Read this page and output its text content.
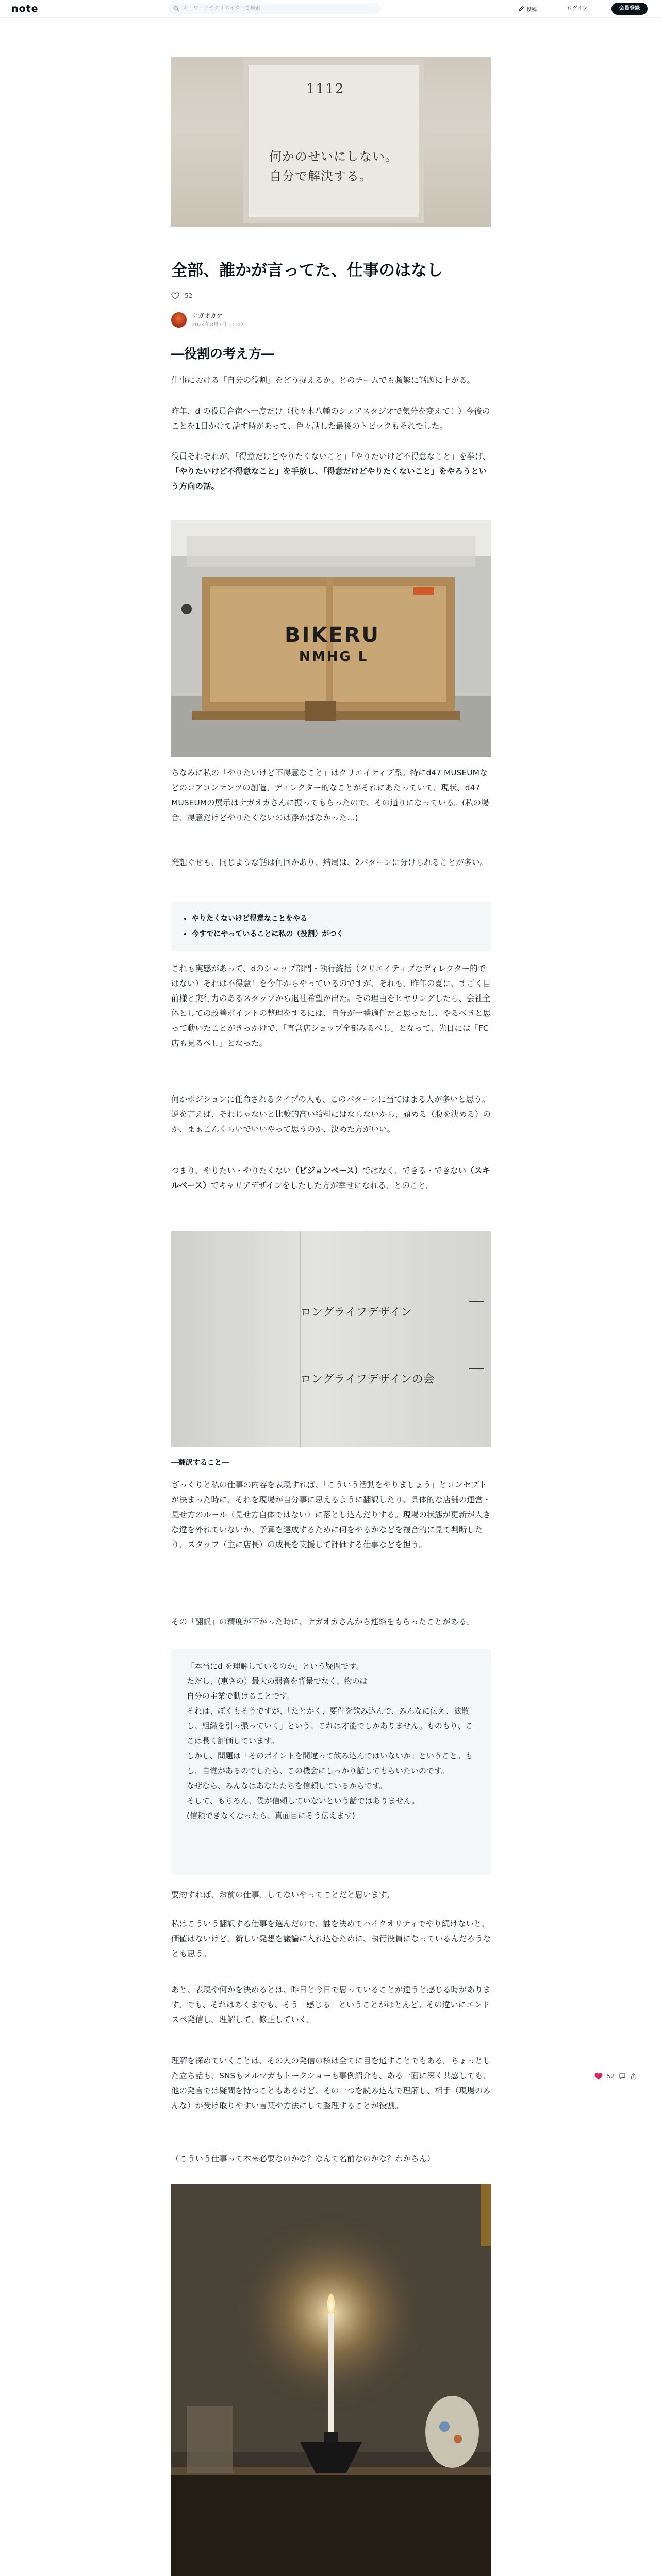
note	キーワードやクリエイターで検索	投稿	ログイン	会員登録
1112
何かのせいにしない。
自分で解決する。
全部、誰かが言ってた、仕事のはなし
52
ナガオカケ
2024年8月7日 11:42
―役割の考え方―

仕事における「自分の役割」をどう捉えるか。どのチームでも頻繁に話題に上がる。

昨年、d の役員合宿へ一度だけ（代々木八幡のシェアスタジオで気分を変えて！）今後のことを1日かけて話す時があって、色々話した最後のトピックもそれでした。

役員それぞれが、「得意だけどやりたくないこと」「やりたいけど不得意なこと」を挙げ、「やりたいけど不得意なこと」を手放し、「得意だけどやりたくないこと」をやろうという方向の話。

BIKERU
NMHG L

ちなみに私の「やりたいけど不得意なこと」はクリエイティブ系。特にd47 MUSEUMなどのコアコンテンツの創造。ディレクター的なことがそれにあたっていて、現状、d47 MUSEUMの展示はナガオカさんに振ってもらったので、その通りになっている。(私の場合、得意だけどやりたくないのは浮かばなかった…)

発想ぐせも、同じような話は何回かあり、結局は、2パターンに分けられることが多い。

• やりたくないけど得意なことをやる
• 今すでにやっていることに私の（役割）がつく

これも実感があって、dのショップ部門・執行統括（クリエイティブなディレクター的ではない）それは不得意！を今年からやっているのですが、それも、昨年の夏に、すごく目前様と実行力のあるスタッフから退社希望が出た。その理由をヒヤリングしたら、会社全体としての改善ポイントの整理をするには、自分が一番適任だと思ったし、やるべきと思って動いたことがきっかけで、「直営店ショップ全部みるべし」となって、先日には「FC店も見るべし」となった。

何かポジションに任命されるタイプの人も、このパターンに当てはまる人が多いと思う。逆を言えば、それじゃないと比較的高い給料にはならないから、頑める（腹を決める）のか、まぁこんくらいでいいやって思うのか、決めた方がいい。

つまり、やりたい・やりたくない（ビジョンベース）ではなく、できる・できない（スキルベース）でキャリアデザインをしたした方が幸せになれる、とのこと。

ロングライフデザイン
ロングライフデザインの会
―翻訳すること―

ざっくりと私の仕事の内容を表現すれば、「こういう活動をやりましょう」とコンセプトが決まった時に、それを現場が自分事に思えるように翻訳したり、具体的な店舗の運営・見せ方のルール（見せ方自体ではない）に落とし込んだりする。現場の状態が更新が大きな違を外れていないか、予算を達成するために何をやるかなどを複合的に見て判断したり、スタッフ（主に店長）の成長を支援して評価する仕事などを担う。

その「翻訳」の精度が下がった時に、ナガオカさんから連絡をもらったことがある。

「本当にd を理解しているのか」という疑問です。
ただし、(恵さの）最大の弱音を背景でなく、物のは
自分の主業で動けることです。
それは、ぼくもそうですが、「たとかく、要件を飲み込んで、みんなに伝え、拡散し、組織を引っ張っていく」という、これは才能でしかありません。ものもり、ここは長く評価しています。
しかし、問題は「そのポイントを間違って飲み込んではいないか」ということ。もし、自覚があるのでしたら、この機会にしっかり話してもらいたいのです。
なぜなら、みんなはあなたたちを信頼しているからです。
そして、もちろん、僕が信頼していないという話ではありません。
(信頼できなくなったら、真面目にそう伝えます)

要約すれば、お前の仕事、してないやってことだと思います。

私はこういう翻訳する仕事を選んだので、誰を決めてハイクオリティでやり続けないと、価値はないけど、新しい発想を議論に入れ込むために、執行役員になっているんだろうなとも思う。

あと、表現や何かを決めるとは、昨日と今日で思っていることが違うと感じる時があります。でも、それはあくまでも、そう「感じる」ということがほとんど。その違いにエンドスペ発信し、理解して、修正していく。

理解を深めていくことは、その人の発信の核は全てに目を通すことでもある。ちょっとした立ち話も、SNSもメルマガもトークショーも事例紹介も、ある一面に深く共感しても、他の発言では疑問を持つこともあるけど、その一つを読み込んで理解し、相手（現場のみんな）が受け取りやすい言葉や方法にして整理することが役割。

（こういう仕事って本来必要なのかな？なんて名前なのかな？わからん）

52
